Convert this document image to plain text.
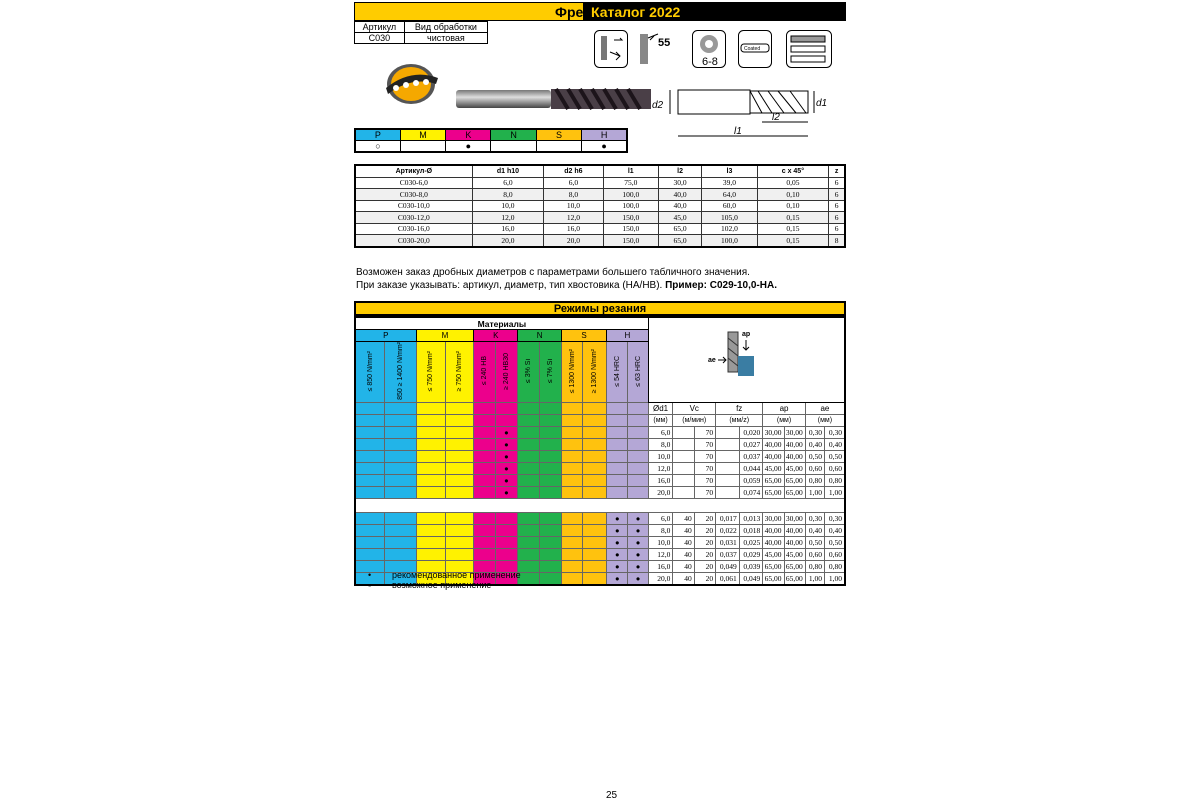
Фрезы.
Каталог 2022
Артикул	Вид обработки
C030	чистовая	55
6-8
Coated
d2	d1
l2
l1
P	M	K	N	S	H
○		●			●
Артикул-Ø	d1 h10	d2 h6	l1	l2	l3	c x 45°	z
C030-6,0	6,0	6,0	75,0	30,0	39,0	0,05	6
C030-8,0	8,0	8,0	100,0	40,0	64,0	0,10	6
C030-10,0	10,0	10,0	100,0	40,0	60,0	0,10	6
C030-12,0	12,0	12,0	150,0	45,0	105,0	0,15	6
C030-16,0	16,0	16,0	150,0	65,0	102,0	0,15	6
C030-20,0	20,0	20,0	150,0	65,0	100,0	0,15	8
Возможен заказ дробных диаметров с параметрами большего табличного значения.
При заказе указывать: артикул, диаметр, тип хвостовика (HA/HB). Пример: C029-10,0-HA.
Режимы резания
Материалы												ap
ae								

P		M		K		N		S		H										
≤ 850 N/mm²	850 ≥ 1400 N/mm²	≤ 750 N/mm²	≥ 750 N/mm²	≤ 240 HB	≥ 240 HB30	≤ 3% Si	≤ 7% Si	≤ 1300 N/mm²	≥ 1300 N/mm²	≤ 54 HRC	≤ 63 HRC									
												Ød1	Vc		fz		ap		ae	
												(мм)	(м/мин)		(мм/z)		(мм)		(мм)	
					●							6,0		70		0,020	30,00	30,00	0,30	0,30
					●							8,0		70		0,027	40,00	40,00	0,40	0,40
					●							10,0		70		0,037	40,00	40,00	0,50	0,50
					●							12,0		70		0,044	45,00	45,00	0,60	0,60
					●							16,0		70		0,059	65,00	65,00	0,80	0,80
					●							20,0		70		0,074	65,00	65,00	1,00	1,00

										●	●	6,0	40	20	0,017	0,013	30,00	30,00	0,30	0,30
										●	●	8,0	40	20	0,022	0,018	40,00	40,00	0,40	0,40
										●	●	10,0	40	20	0,031	0,025	40,00	40,00	0,50	0,50
										●	●	12,0	40	20	0,037	0,029	45,00	45,00	0,60	0,60
										●	●	16,0	40	20	0,049	0,039	65,00	65,00	0,80	0,80
										●	●	20,0	40	20	0,061	0,049	65,00	65,00	1,00	1,00
• рекомендованное применение
▫ возможное применение
25
